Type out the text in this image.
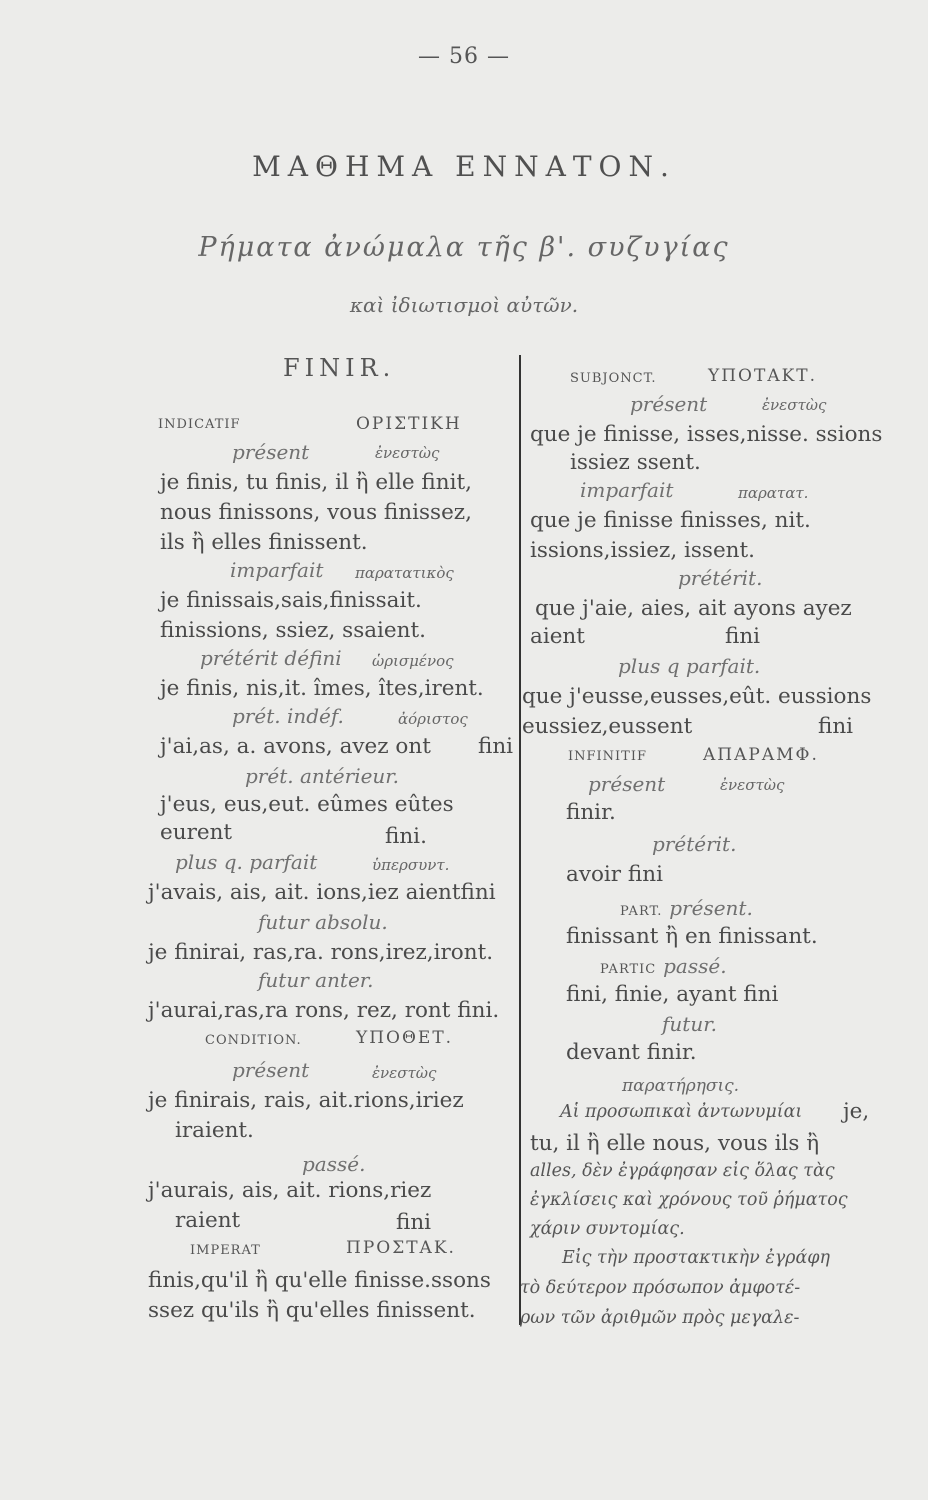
— 56 —
ΜΑΘΗΜΑ ΕΝΝΑΤΟΝ.
Ρήματα ἀνώμαλα τῆς β'. συζυγίας
καὶ ἰδιωτισμοὶ αὐτῶν.
FINIR.
INDICATIF	ΟΡΙΣΤΙΚΗ
présent	ἐνεστὼς
je finis, tu finis, il ἢ elle finit,
nous finissons, vous finissez,
ils ἢ elles finissent.
imparfait παρατατικὸς
je finissais,sais,finissait.
finissions, ssiez, ssaient.
prétérit défini ὡρισμένος
je finis, nis,it. îmes, îtes,irent.
prét. indéf.	ἀόριστος
j'ai,as, a. avons, avez ont fini
prét. antérieur.
j'eus, eus,eut. eûmes eûtes
eurent	fini.
plus q. parfait	ὑπερσυντ.
j'avais, ais, ait. ions,iez aientfini
futur absolu.
je finirai, ras,ra. rons,irez,iront.
futur anter.
j'aurai,ras,ra rons, rez, ront fini.
CONDITION.	ΥΠΟΘΕΤ.
présent	ἐνεστὼς
je finirais, rais, ait.rions,iriez
iraient.
passé.
j'aurais, ais, ait. rions,riez
raient	fini
IMPERAT	ΠΡΟΣΤΑΚ.
finis,qu'il ἢ qu'elle finisse.ssons
ssez qu'ils ἢ qu'elles finissent.
SUBJONCT.	ΥΠΟΤΑΚΤ.
présent	ἐνεστὼς
que je finisse, isses,nisse. ssions
issiez ssent.
imparfait	παρατατ.
que je finisse finisses, nit.
issions,issiez, issent.
prétérit.
que j'aie, aies, ait ayons ayez
aient	fini
plus q parfait.
que j'eusse,eusses,eût. eussions
eussiez,eussent	fini
INFINITIF	ΑΠΑΡΑΜΦ.
présent	ἐνεστὼς
finir.
prétérit.
avoir fini
PART. présent.
finissant ἢ en finissant.
PARTIC passé.
fini, finie, ayant fini
futur.
devant finir.
παρατήρησις.
Αἱ προσωπικαὶ ἀντωνυμίαι je,
tu, il ἢ elle nous, vous ils ἢ
alles, δὲν ἐγράφησαν εἰς ὅλας τὰς
ἐγκλίσεις καὶ χρόνους τοῦ ῥήματος
χάριν συντομίας.
Εἰς τὴν προστακτικὴν ἐγράφη
τὸ δεύτερον πρόσωπον ἀμφοτέ-
ρων τῶν ἀριθμῶν πρὸς μεγαλε-
